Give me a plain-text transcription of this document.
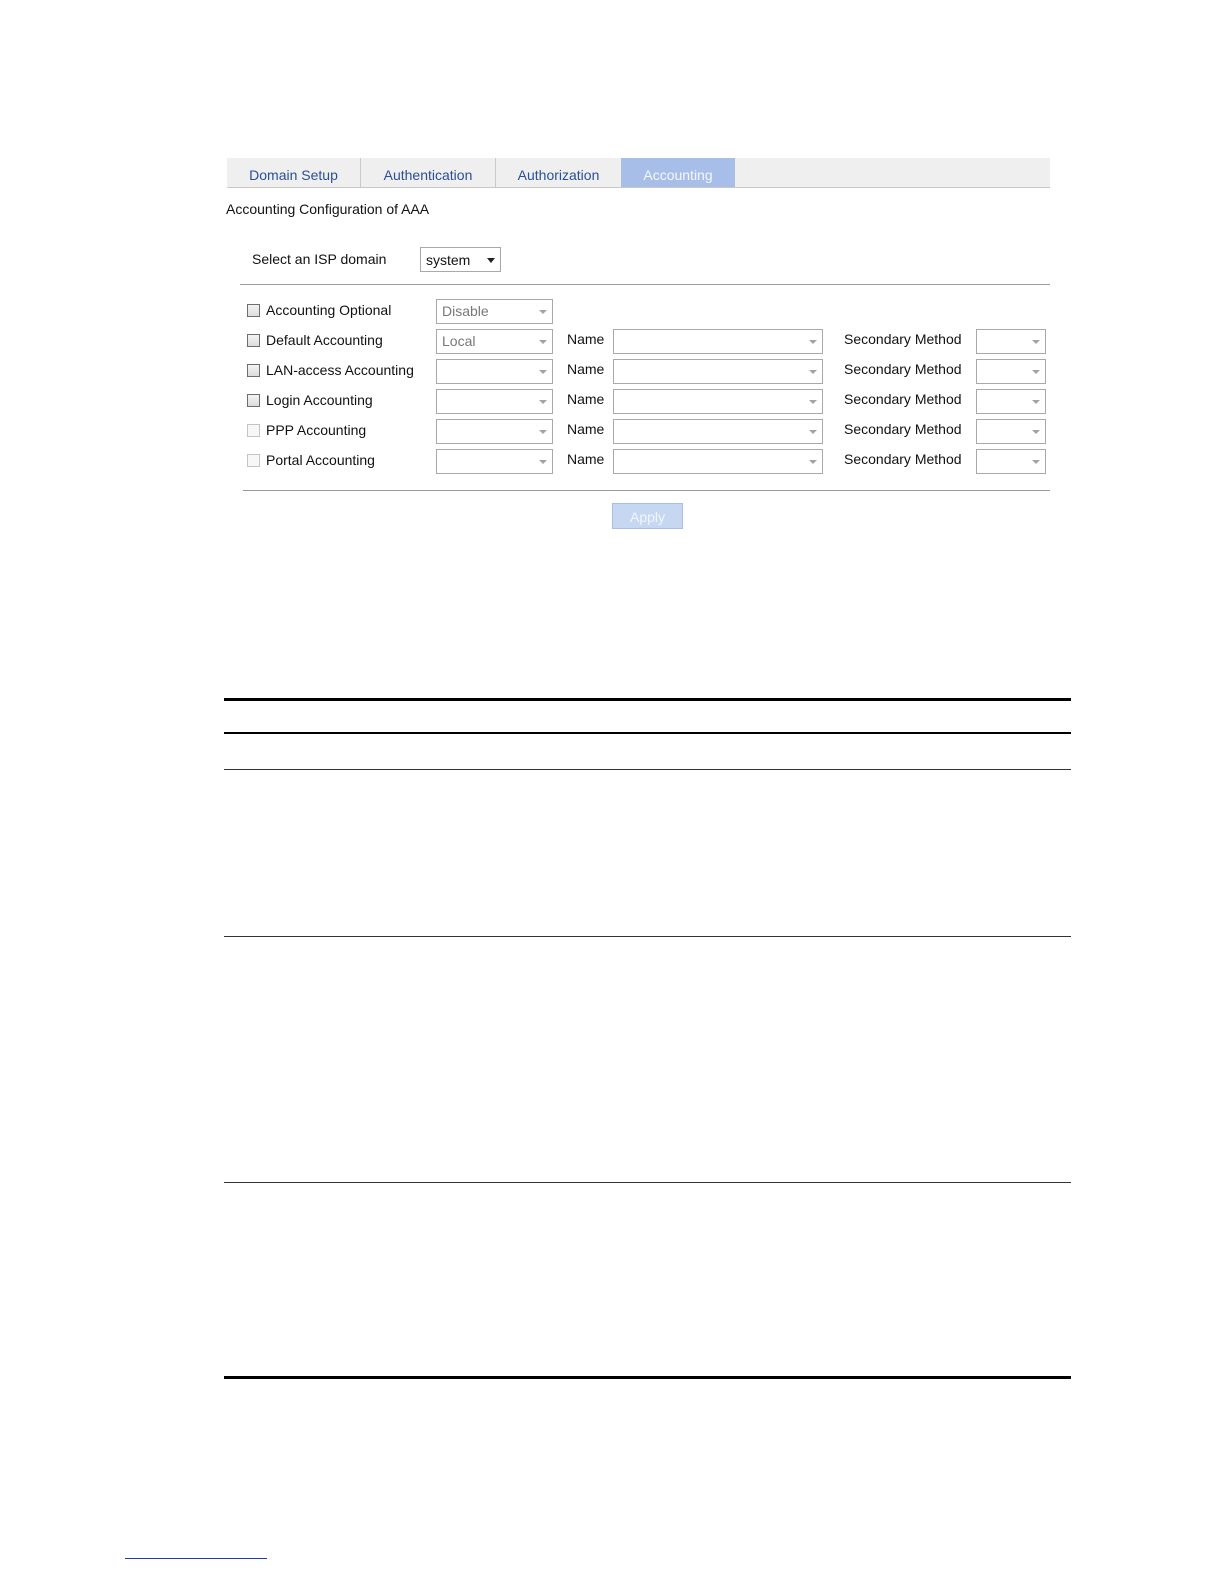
Domain Setup	Authentication	Authorization	Accounting
Accounting Configuration of AAA
Select an ISP domain	system
Accounting Optional	Disable
Default Accounting	Local	Name	Secondary Method
LAN-access Accounting	Name	Secondary Method
Login Accounting	Name	Secondary Method
PPP Accounting	Name	Secondary Method
Portal Accounting	Name	Secondary Method
Apply
